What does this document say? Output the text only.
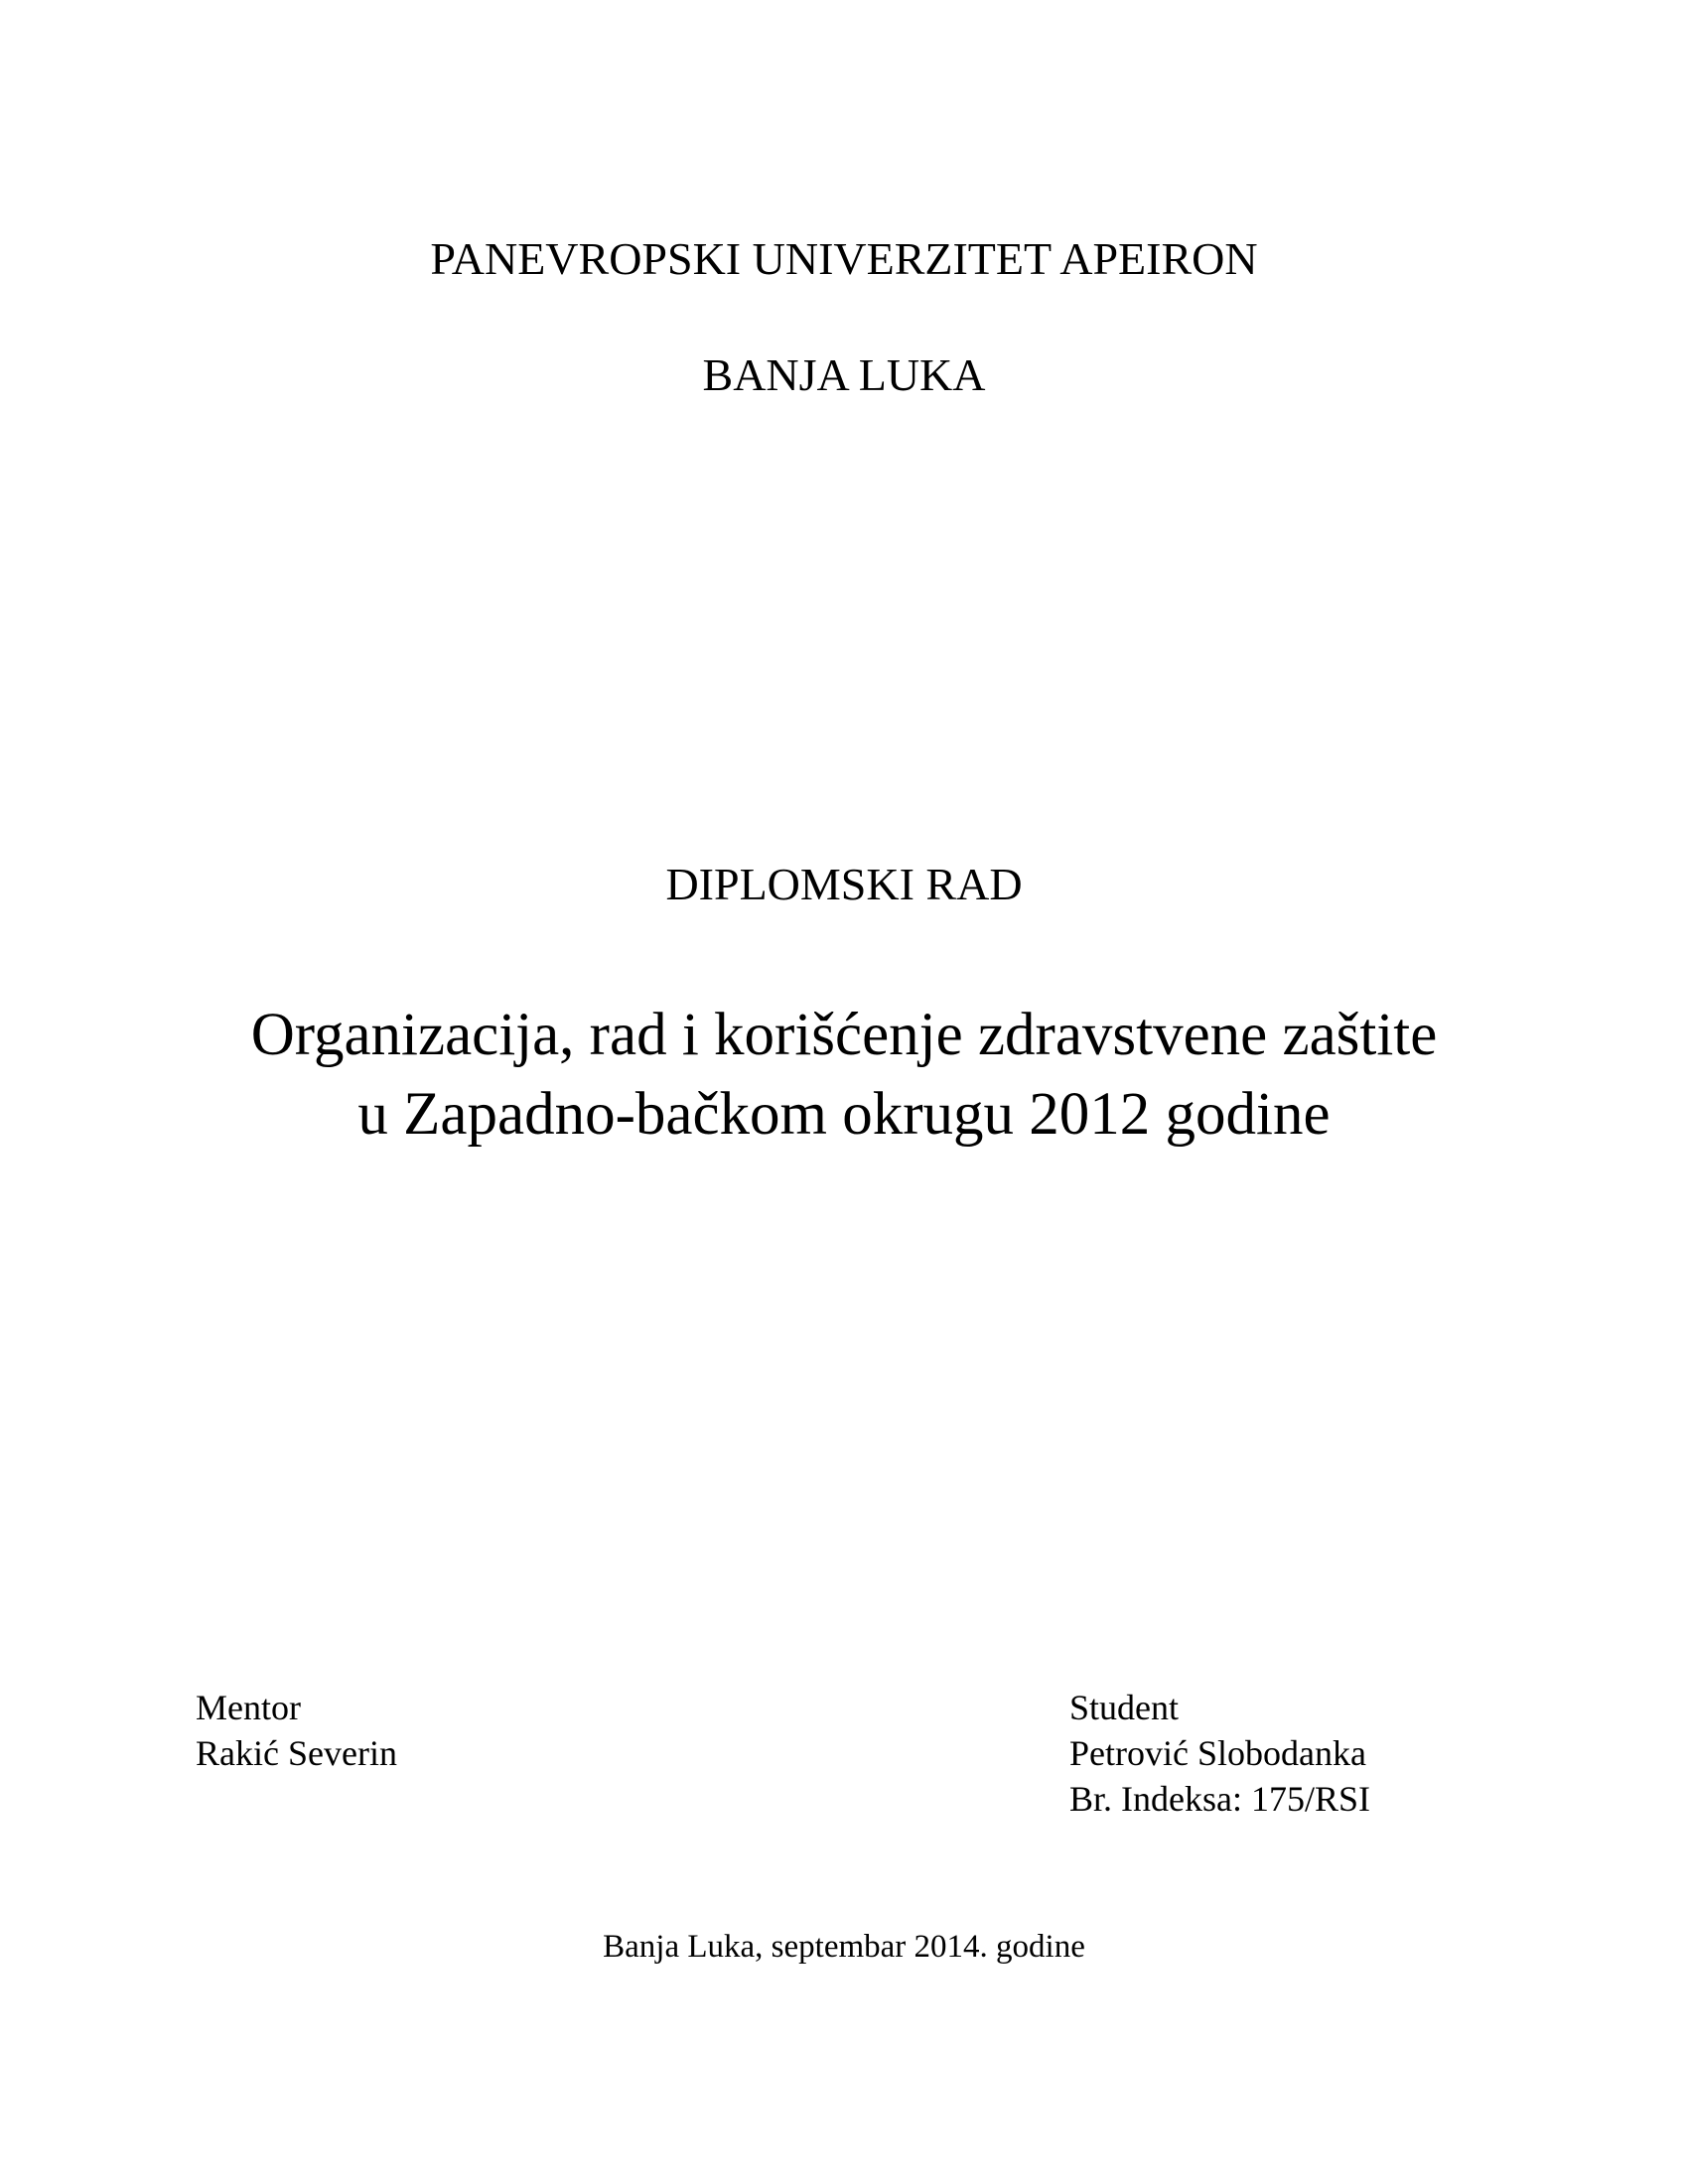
PANEVROPSKI UNIVERZITET APEIRON
BANJA LUKA
DIPLOMSKI RAD
Organizacija, rad i korišćenje zdravstvene zaštite
u Zapadno-bačkom okrugu 2012 godine
Mentor
Rakić Severin
Student
Petrović Slobodanka
Br. Indeksa: 175/RSI
Banja Luka, septembar 2014. godine
